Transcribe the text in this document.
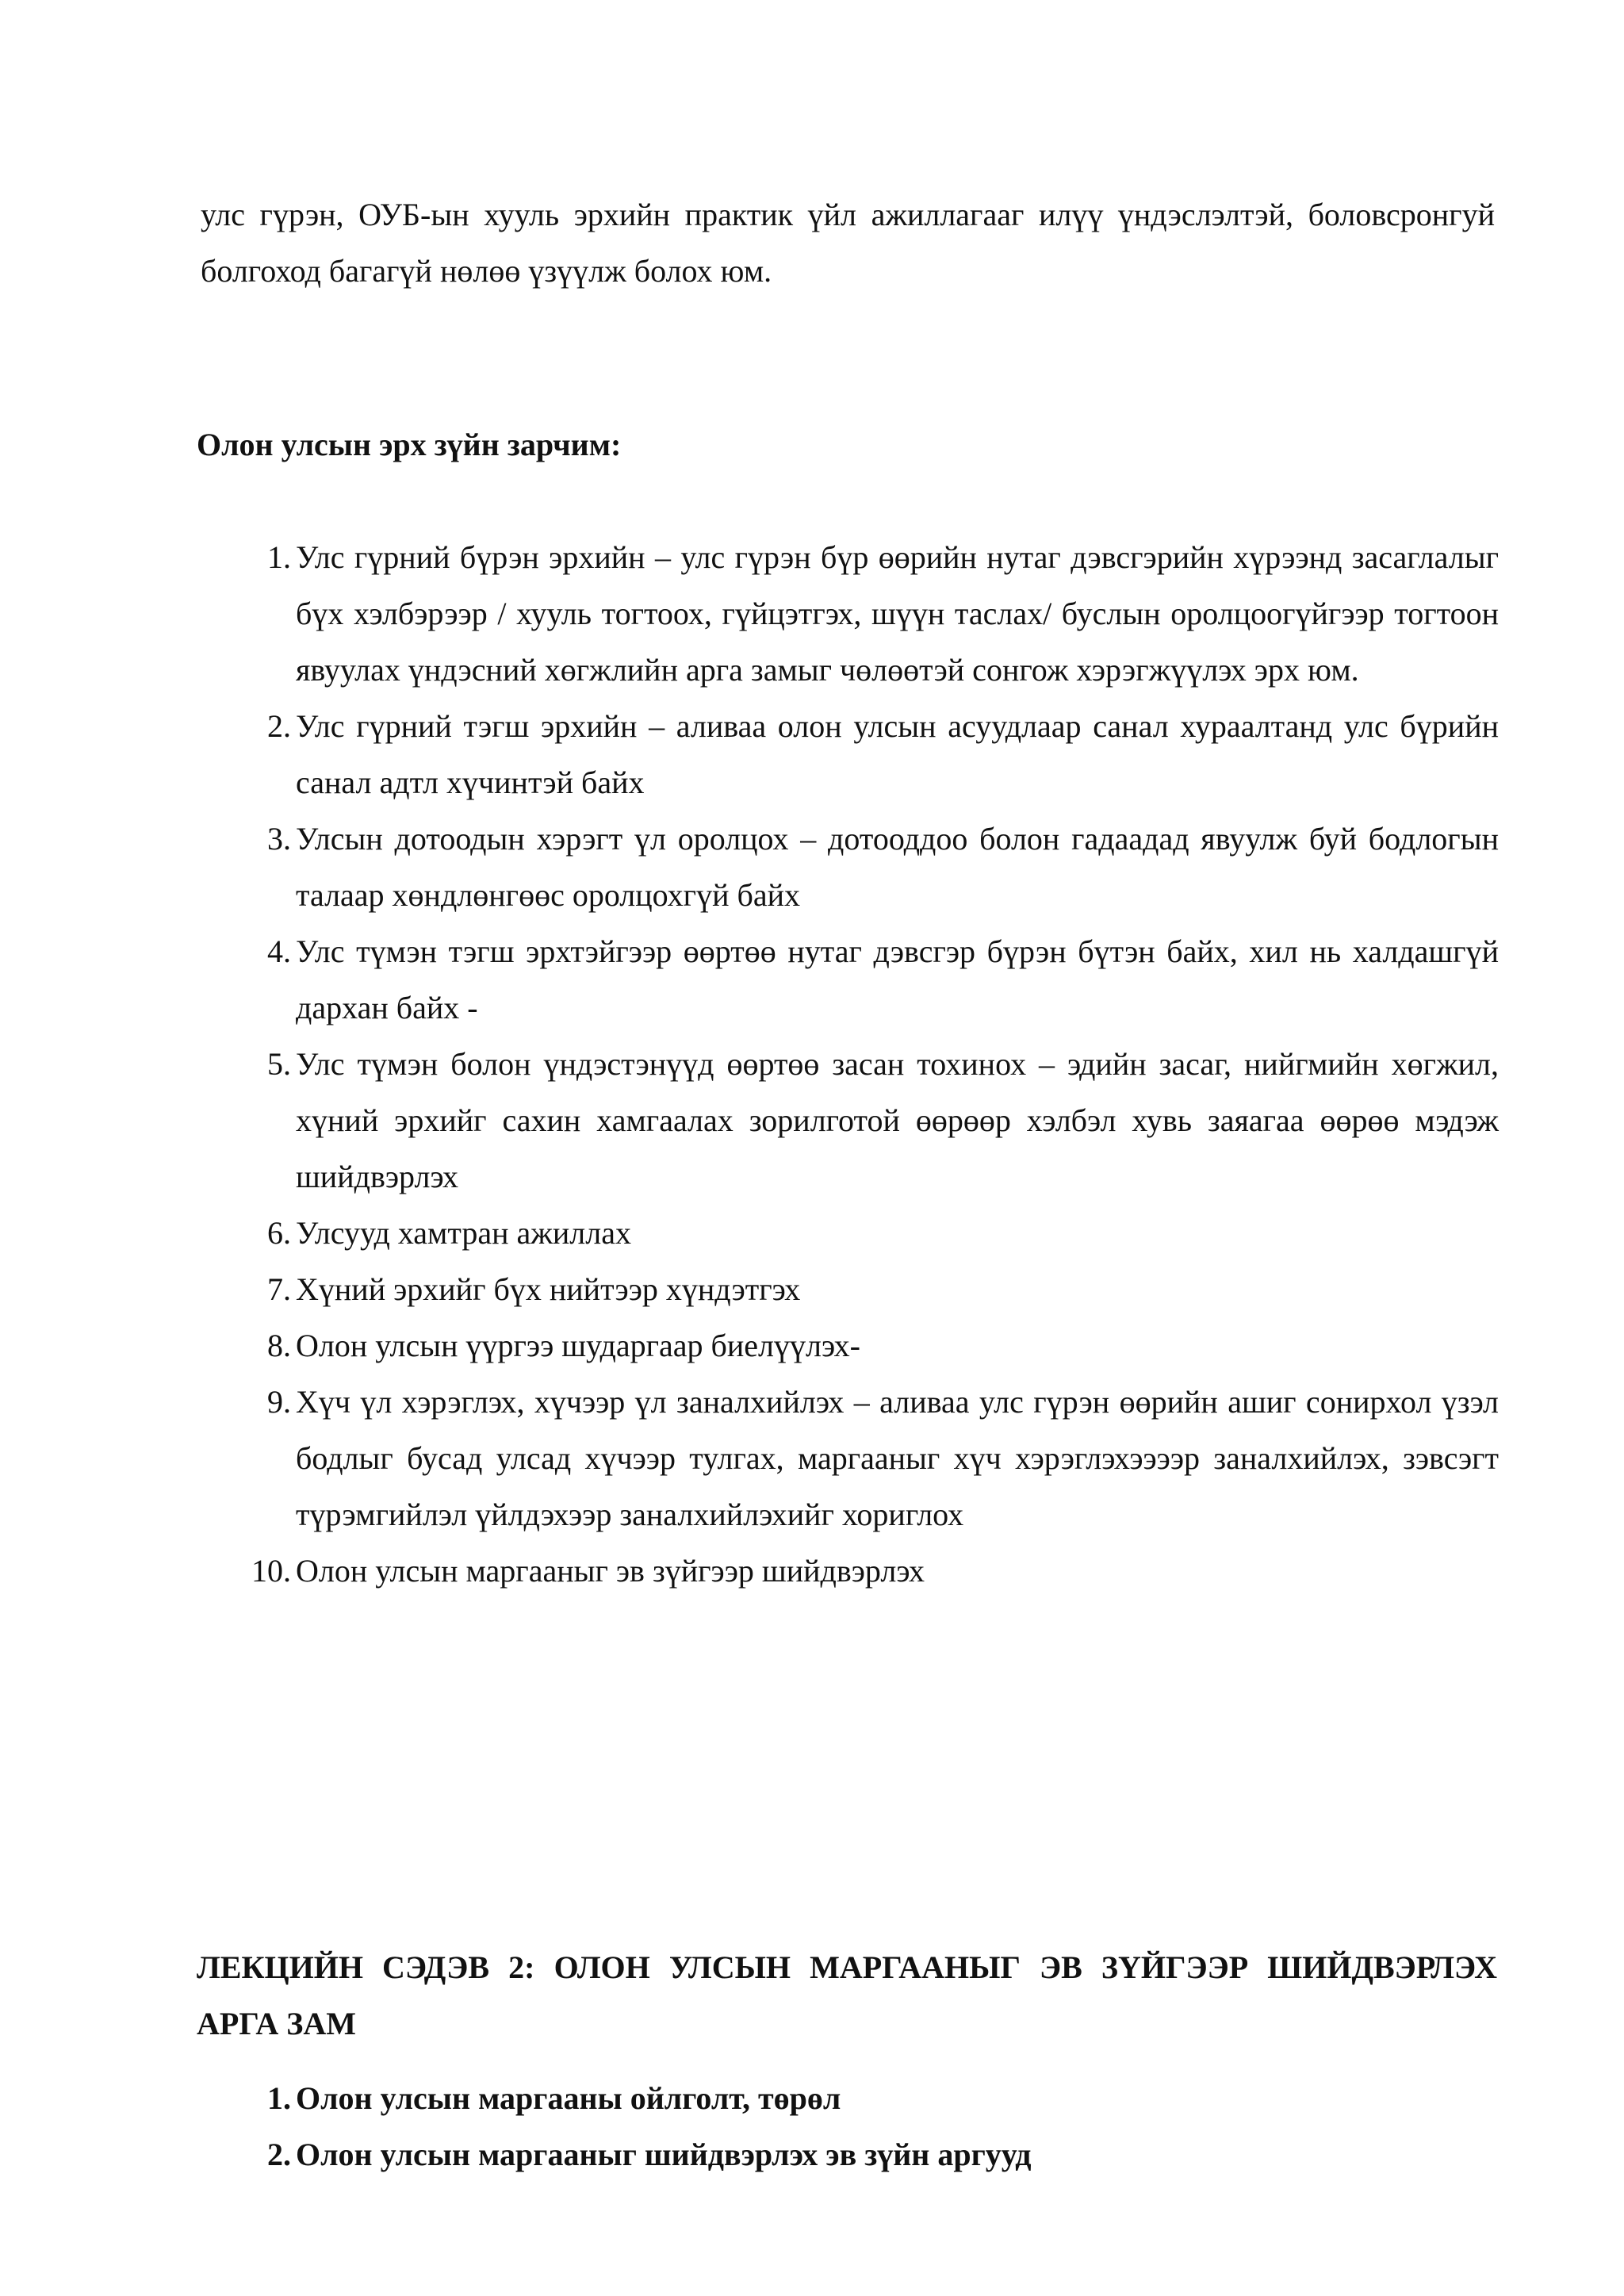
улс гүрэн, ОУБ-ын хууль эрхийн практик үйл ажиллагааг илүү үндэслэлтэй, боловсронгуй болгоход багагүй нөлөө үзүүлж болох юм.

Олон улсын эрх зүйн зарчим:
1. Улс гүрний бүрэн эрхийн – улс гүрэн бүр өөрийн нутаг дэвсгэрийн хүрээнд засаглалыг бүх хэлбэрээр / хууль тогтоох, гүйцэтгэх, шүүн таслах/ буслын оролцоогүйгээр тогтоон явуулах үндэсний хөгжлийн арга замыг чөлөөтэй сонгож хэрэгжүүлэх эрх юм.
2. Улс гүрний тэгш эрхийн – аливаа олон улсын асуудлаар санал хураалтанд улс бүрийн санал адтл хүчинтэй байх
3. Улсын дотоодын хэрэгт үл оролцох – дотооддоо болон гадаадад явуулж буй бодлогын талаар хөндлөнгөөс оролцохгүй байх
4. Улс түмэн тэгш эрхтэйгээр өөртөө нутаг дэвсгэр бүрэн бүтэн байх, хил нь халдашгүй дархан байх -
5. Улс түмэн болон үндэстэнүүд өөртөө засан тохинох – эдийн засаг, нийгмийн хөгжил, хүний эрхийг сахин хамгаалах зорилготой өөрөөр хэлбэл хувь заяагаа өөрөө мэдэж шийдвэрлэх
6. Улсууд хамтран ажиллах
7. Хүний эрхийг бүх нийтээр хүндэтгэх
8. Олон улсын үүргээ шударгаар биелүүлэх-
9. Хүч үл хэрэглэх, хүчээр үл заналхийлэх – аливаа улс гүрэн өөрийн ашиг сонирхол үзэл бодлыг бусад улсад хүчээр тулгах, маргааныг хүч хэрэглэхээээр заналхийлэх, зэвсэгт түрэмгийлэл үйлдэхээр заналхийлэхийг хориглох
10. Олон улсын маргааныг эв зүйгээр шийдвэрлэх
ЛЕКЦИЙН СЭДЭВ 2: ОЛОН УЛСЫН МАРГААНЫГ ЭВ ЗҮЙГЭЭР ШИЙДВЭРЛЭХ АРГА ЗАМ
1. Олон улсын маргааны ойлголт, төрөл
2. Олон улсын маргааныг шийдвэрлэх эв зүйн аргууд
